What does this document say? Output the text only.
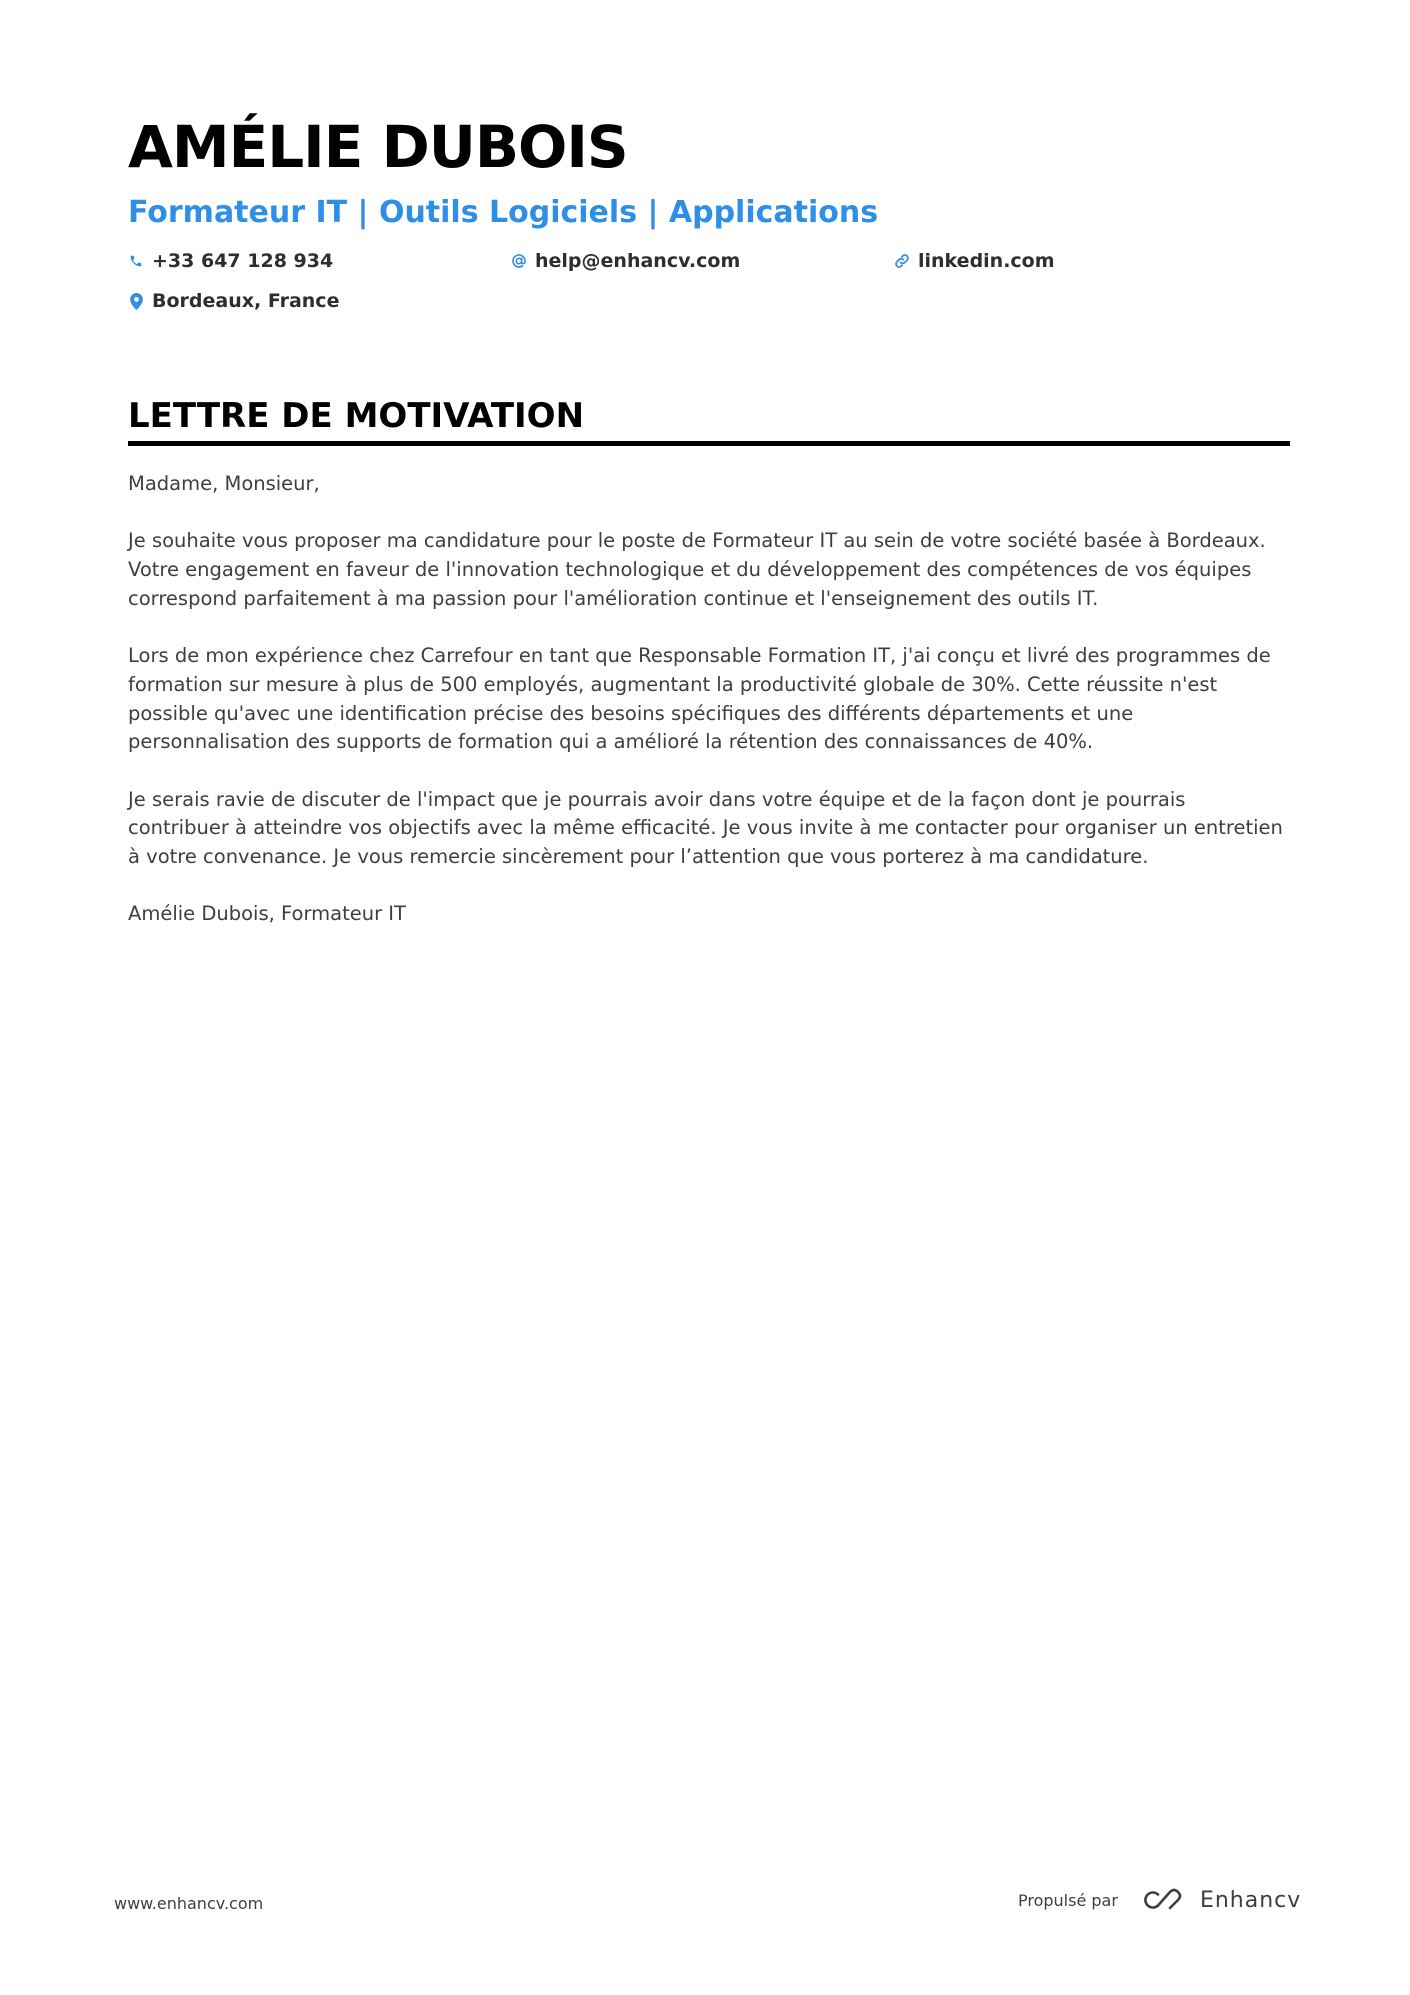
AMÉLIE DUBOIS
Formateur IT | Outils Logiciels | Applications
+33 647 128 934	help@enhancv.com	linkedin.com
Bordeaux, France
LETTRE DE MOTIVATION

Madame, Monsieur,

Je souhaite vous proposer ma candidature pour le poste de Formateur IT au sein de votre société basée à Bordeaux. Votre engagement en faveur de l'innovation technologique et du développement des compétences de vos équipes correspond parfaitement à ma passion pour l'amélioration continue et l'enseignement des outils IT.

Lors de mon expérience chez Carrefour en tant que Responsable Formation IT, j'ai conçu et livré des programmes de formation sur mesure à plus de 500 employés, augmentant la productivité globale de 30%. Cette réussite n'est possible qu'avec une identification précise des besoins spécifiques des différents départements et une personnalisation des supports de formation qui a amélioré la rétention des connaissances de 40%.

Je serais ravie de discuter de l'impact que je pourrais avoir dans votre équipe et de la façon dont je pourrais contribuer à atteindre vos objectifs avec la même efficacité. Je vous invite à me contacter pour organiser un entretien à votre convenance. Je vous remercie sincèrement pour l’attention que vous porterez à ma candidature.

Amélie Dubois, Formateur IT

www.enhancv.com	Propulsé par	Enhancv
